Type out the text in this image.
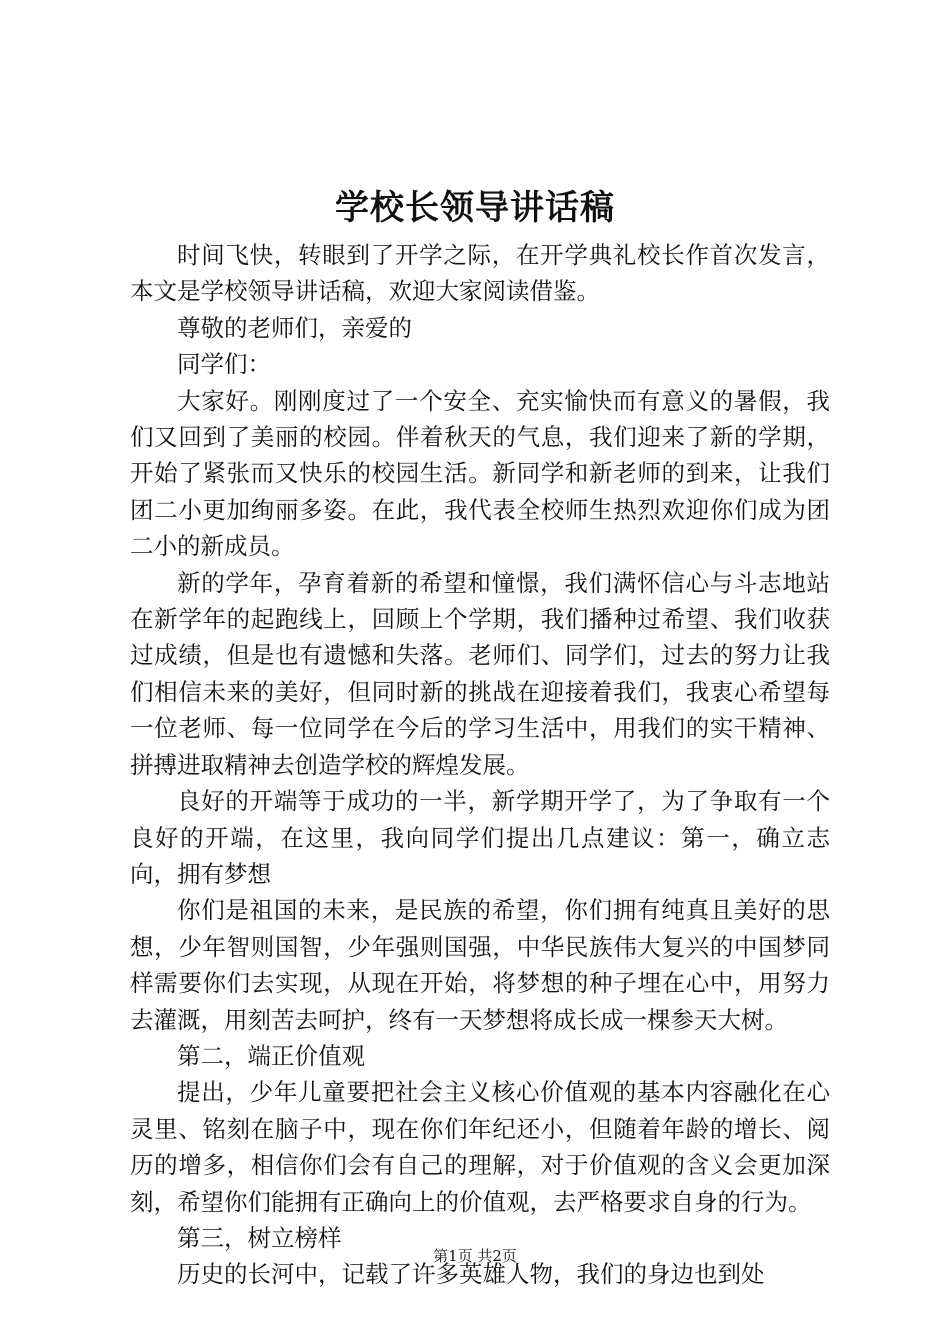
学校长领导讲话稿

时间飞快，转眼到了开学之际，在开学典礼校长作首次发言，本文是学校领导讲话稿，欢迎大家阅读借鉴。

尊敬的老师们，亲爱的

同学们：

大家好。刚刚度过了一个安全、充实愉快而有意义的暑假，我们又回到了美丽的校园。伴着秋天的气息，我们迎来了新的学期，开始了紧张而又快乐的校园生活。新同学和新老师的到来，让我们团二小更加绚丽多姿。在此，我代表全校师生热烈欢迎你们成为团二小的新成员。

新的学年，孕育着新的希望和憧憬，我们满怀信心与斗志地站在新学年的起跑线上，回顾上个学期，我们播种过希望、我们收获过成绩，但是也有遗憾和失落。老师们、同学们，过去的努力让我们相信未来的美好，但同时新的挑战在迎接着我们，我衷心希望每一位老师、每一位同学在今后的学习生活中，用我们的实干精神、拼搏进取精神去创造学校的辉煌发展。

良好的开端等于成功的一半，新学期开学了，为了争取有一个良好的开端，在这里，我向同学们提出几点建议：第一，确立志向，拥有梦想

你们是祖国的未来，是民族的希望，你们拥有纯真且美好的思想，少年智则国智，少年强则国强，中华民族伟大复兴的中国梦同样需要你们去实现，从现在开始，将梦想的种子埋在心中，用努力去灌溉，用刻苦去呵护，终有一天梦想将成长成一棵参天大树。

第二，端正价值观

提出，少年儿童要把社会主义核心价值观的基本内容融化在心灵里、铭刻在脑子中，现在你们年纪还小，但随着年龄的增长、阅历的增多，相信你们会有自己的理解，对于价值观的含义会更加深刻，希望你们能拥有正确向上的价值观，去严格要求自身的行为。

第三，树立榜样

历史的长河中，记载了许多英雄人物，我们的身边也到处

第1页 共2页
